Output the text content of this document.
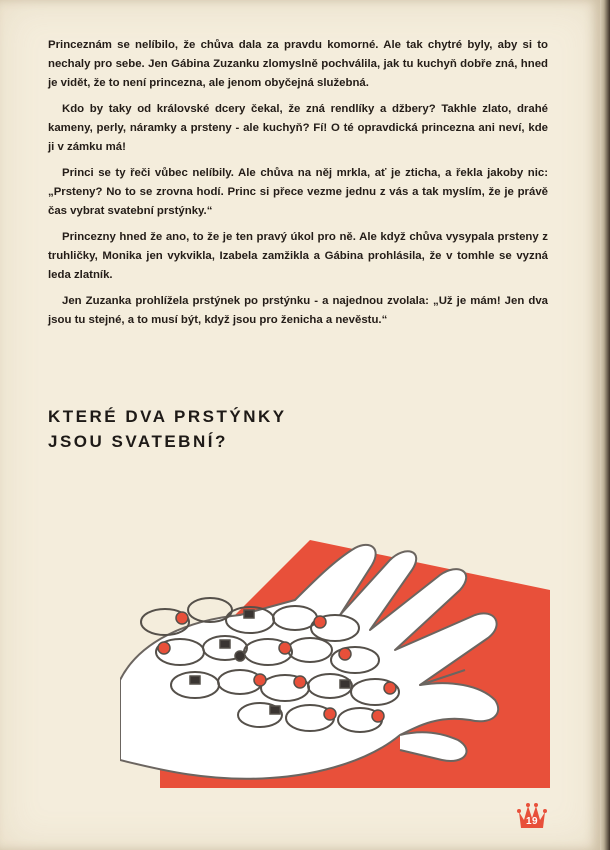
Princeznám se nelíbilo, že chůva dala za pravdu komorné. Ale tak chytré byly, aby si to nechaly pro sebe. Jen Gábina Zuzanku zlomyslně pochválila, jak tu kuchyň dobře zná, hned je vidět, že to není princezna, ale jenom obyčejná služebná.

Kdo by taky od královské dcery čekal, že zná rendlíky a džbery? Takhle zlato, drahé kameny, perly, náramky a prsteny - ale kuchyň? Fí! O té opravdická princezna ani neví, kde ji v zámku má!

Princi se ty řeči vůbec nelíbily. Ale chůva na něj mrkla, ať je zticha, a řekla jakoby nic: „Prsteny? No to se zrovna hodí. Princ si přece vezme jednu z vás a tak myslím, že je právě čas vybrat svatební prstýnky.“

Princezny hned že ano, to že je ten pravý úkol pro ně. Ale když chůva vysypala prsteny z truhličky, Monika jen vykvikla, Izabela zamžikla a Gábina prohlásila, že v tomhle se vyzná leda zlatník.

Jen Zuzanka prohlížela prstýnek po prstýnku - a najednou zvolala: „Už je mám! Jen dva jsou tu stejné, a to musí být, když jsou pro ženicha a nevěstu.“

KTERÉ DVA PRSTÝNKY
JSOU SVATEBNÍ?
19
